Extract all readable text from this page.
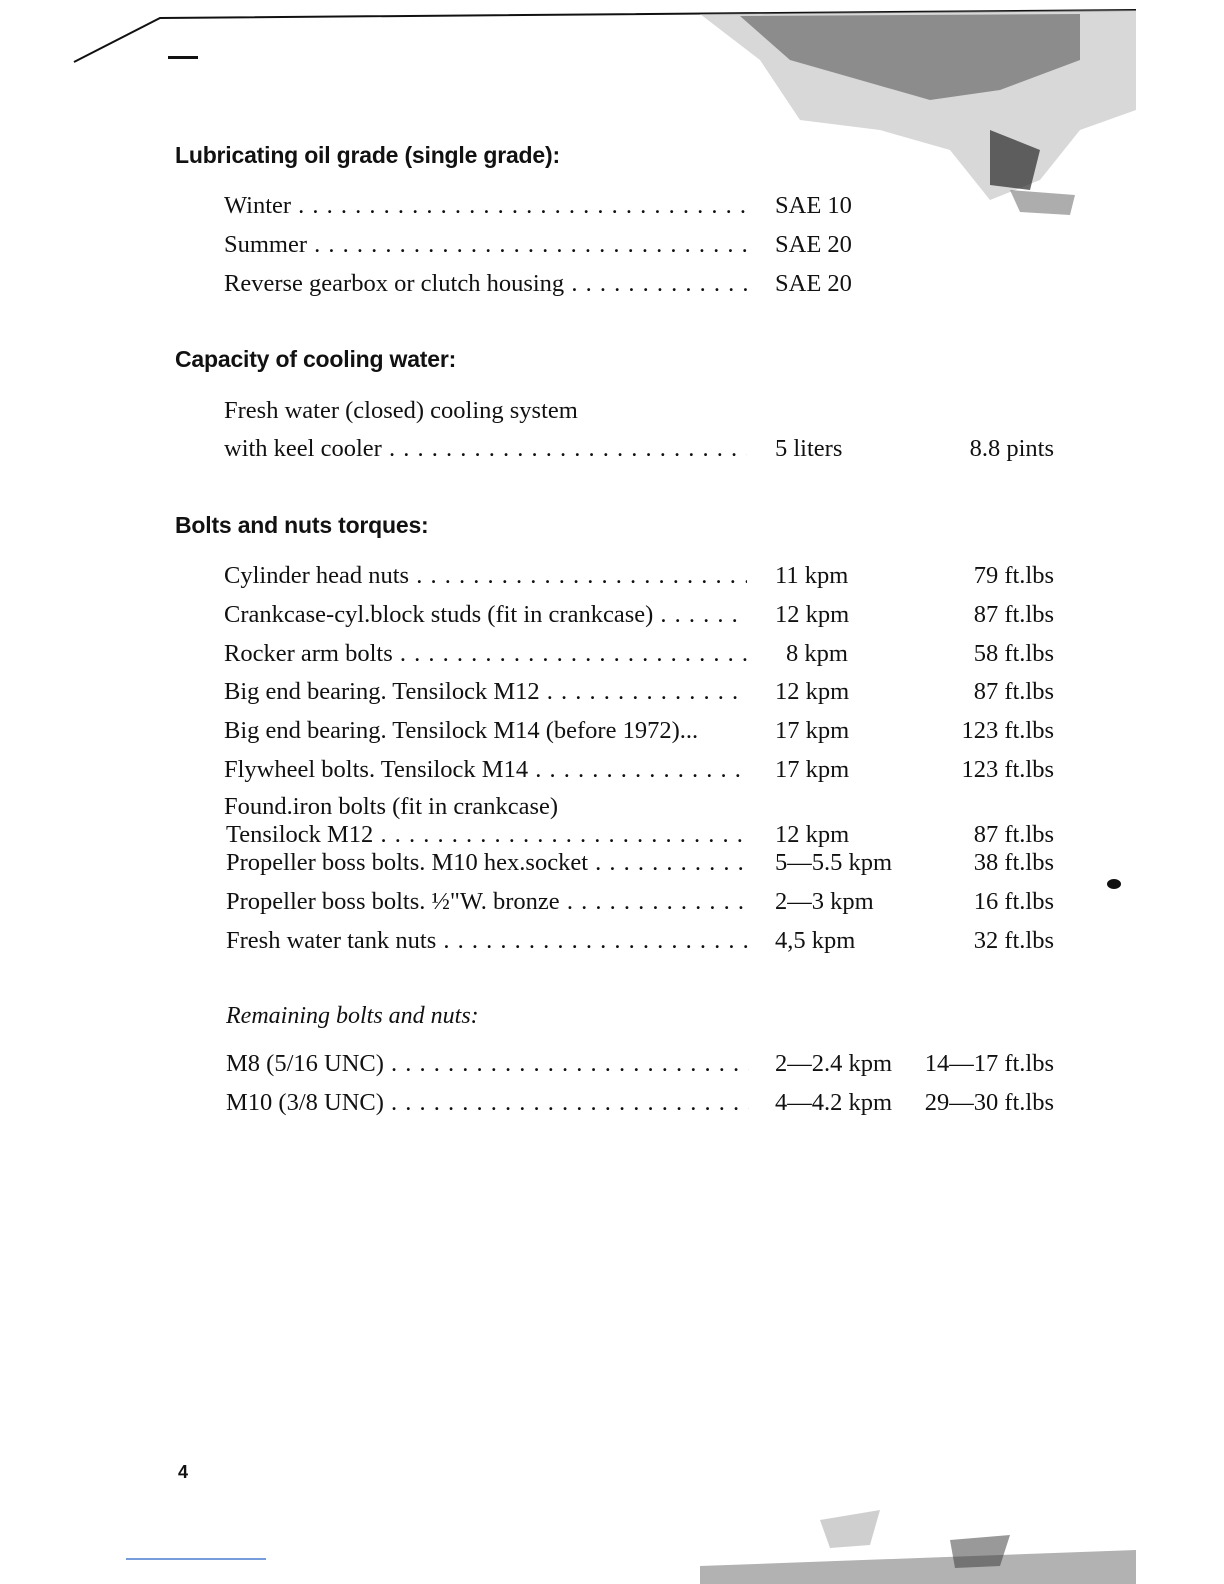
Lubricating oil grade (single grade):
Winter . . .	SAE 10
Summer . . .	SAE 20
Reverse gearbox or clutch housing . . .	SAE 20
Capacity of cooling water:
Fresh water (closed) cooling system
with keel cooler . . .	5 liters	8.8 pints
Bolts and nuts torques:
Cylinder head nuts . . .	11 kpm	79 ft.lbs
Crankcase-cyl.block studs (fit in crankcase) . . .	12 kpm	87 ft.lbs
Rocker arm bolts . . .	8 kpm	58 ft.lbs
Big end bearing. Tensilock M12 . . .	12 kpm	87 ft.lbs
Big end bearing. Tensilock M14 (before 1972)...	17 kpm	123 ft.lbs
Flywheel bolts. Tensilock M14 . . .	17 kpm	123 ft.lbs
Found.iron bolts (fit in crankcase)
Tensilock M12 . . .	12 kpm	87 ft.lbs
Propeller boss bolts. M10 hex.socket . . .	5—5.5 kpm	38 ft.lbs
Propeller boss bolts. ½"W. bronze . . .	2—3 kpm	16 ft.lbs
Fresh water tank nuts . . .	4,5 kpm	32 ft.lbs
Remaining bolts and nuts:
M8 (5/16 UNC) . . .	2—2.4 kpm 14—17 ft.lbs
M10 (3/8 UNC) . . .	4—4.2 kpm 29—30 ft.lbs
4
